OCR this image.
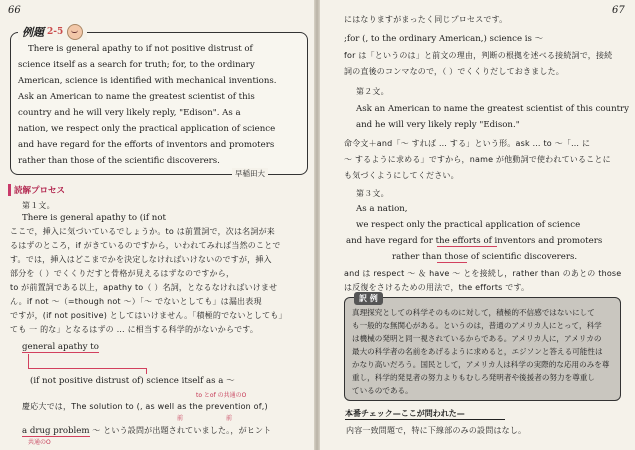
66
例題 2-5
There is general apathy to if not positive distrust of
science itself as a search for truth; for, to the ordinary
American, science is identified with mechanical inventions.
Ask an American to name the greatest scientist of this
country and he will very likely reply, "Edison". As a
nation, we respect only the practical application of science
and have regard for the efforts of inventors and promoters
rather than those of the scientific discoverers.
早稲田大
読解プロセス
第１文。
There is general apathy to (if not
ここで，挿入に気づいているでしょうか。to は前置詞で，次は名詞が来
るはずのところ，if がきているのですから，いわれてみれば当然のことで
す。では，挿入はどこまでかを決定しなければいけないのですが，挿入
部分を（ ）でくくりだすと骨格が見えるはずなのですから，
to が前置詞である以上，apathy to（ ）名詞，となるなければいけませ
ん。if not 〜（=though not 〜）「〜 でないとしても」は漏出表現
ですが，(if not positive) としてはいけません。「積極的でないとしても」
ても 一 的な」となるはずの … に相当する科学的がないからです。
general apathy to
(if not positive distrust of) science itself as a 〜
to とof の共通のO
慶応大では，The solution to (, as well as the prevention of,)
前	前
a drug problem 〜 という設問が出題されていました。，がヒント
共通のO
67
にはなりますがまったく同じプロセスです。
;for (, to the ordinary American,) science is 〜
for は「というのは」と前文の理由，判断の根拠を述べる接続詞で，接続
詞の直後のコンマなので，（ ）でくくりだしておきました。
第２文。
Ask an American to name the greatest scientist of this country
and he will very likely reply "Edison."
命令文＋and「〜 すれば … する」という形。ask … to 〜「… に
〜 するように求める」ですから，name が他動詞で使われていることに
も気づくようにしてください。
第３文。
As a nation,
we respect only the practical application of science
and have regard for the efforts of inventors and promoters
rather than those of scientific discoverers.
and は respect 〜 ＆ have 〜 とを接続し，rather than のあとの those
は反復をさけるための用法で，the efforts です。
訳 例
真理探究としての科学そのものに対して，積極的不信感ではないにして
も一般的な無関心がある。というのは，普通のアメリカ人にとって，科学
は機械の発明と同一視されているからである。アメリカ人に，アメリカの
最大の科学者の名前をあげるように求めると，エジソンと答える可能性は
かなり高いだろう。国民として，アメリカ人は科学の実際的な応用のみを尊
重し，科学的発見者の努力よりもむしろ発明者や後援者の努力を尊重し
ているのである。
本番チェック—ここが問われた—
内容一致問題で，特に下線部のみの設問はなし。
